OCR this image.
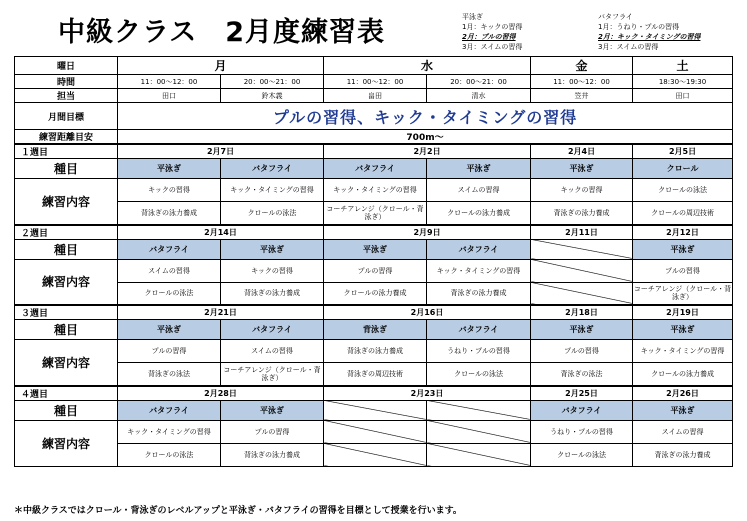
中級クラス　2月度練習表	平泳ぎ
1月：キックの習得
2月：プルの習得
3月：スイムの習得
バタフライ
1月：うねり・プルの習得
2月：キック・タイミングの習得
3月：スイムの習得
曜日	月		水		金	土
時間	11：00～12：00	20：00～21：00	11：00～12：00	20：00～21：00	11：00～12：00	18:30～19:30
担当	田口	鈴木義	畠田	清水	笠井	田口
月間目標	プルの習得、キック・タイミングの習得					
練習距離目安	700m～					
１週目	2月7日		2月2日		2月4日	2月5日
種目	平泳ぎ	バタフライ	バタフライ	平泳ぎ	平泳ぎ	クロール
練習内容	キックの習得	キック・タイミングの習得	キック・タイミングの習得	スイムの習得	キックの習得	クロールの泳法
	背泳ぎの泳力養成	クロールの泳法	コーチアレンジ（クロール・背泳ぎ）	クロールの泳力養成	背泳ぎの泳力養成	クロールの周辺技術
２週目	2月14日		2月9日		2月11日	2月12日
種目	バタフライ	平泳ぎ	平泳ぎ	バタフライ		平泳ぎ
練習内容	スイムの習得	キックの習得	プルの習得	キック・タイミングの習得		プルの習得
	クロールの泳法	背泳ぎの泳力養成	クロールの泳力養成	背泳ぎの泳力養成		コーチアレンジ（クロール・背泳ぎ）
３週目	2月21日		2月16日		2月18日	2月19日
種目	平泳ぎ	バタフライ	背泳ぎ	バタフライ	平泳ぎ	平泳ぎ
練習内容	プルの習得	スイムの習得	背泳ぎの泳力養成	うねり・プルの習得	プルの習得	キック・タイミングの習得
	背泳ぎの泳法	コーチアレンジ（クロール・背泳ぎ）	背泳ぎの周辺技術	クロールの泳法	背泳ぎの泳法	クロールの泳力養成
４週目	2月28日		2月23日		2月25日	2月26日
種目	バタフライ	平泳ぎ			バタフライ	平泳ぎ
練習内容	キック・タイミングの習得	プルの習得			うねり・プルの習得	スイムの習得
	クロールの泳法	背泳ぎの泳力養成			クロールの泳法	背泳ぎの泳力養成
＊中級クラスではクロール・背泳ぎのレベルアップと平泳ぎ・バタフライの習得を目標として授業を行います。
